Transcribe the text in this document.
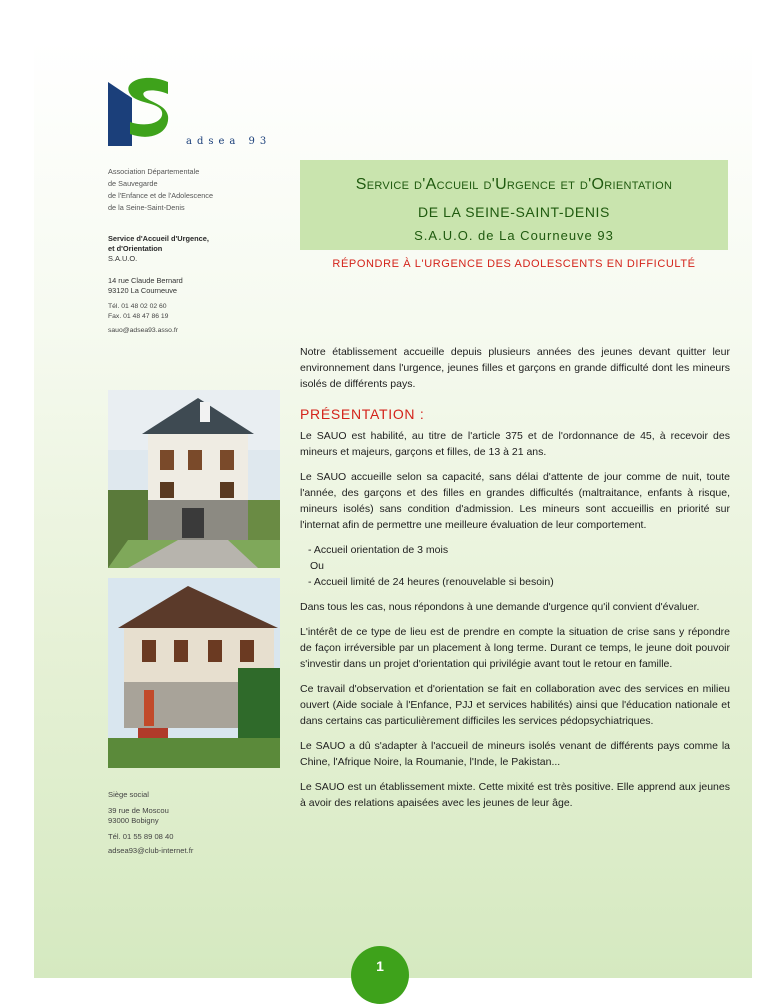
adsea 93
Association Départementale
de Sauvegarde
de l'Enfance et de l'Adolescence
de la Seine-Saint-Denis
Service d'Accueil d'Urgence,
et d'Orientation
S.A.U.O.
14 rue Claude Bernard
93120 La Courneuve
Tél. 01 48 02 02 60
Fax. 01 48 47 86 19
sauo@adsea93.asso.fr
Siège social
39 rue de Moscou
93000 Bobigny
Tél. 01 55 89 08 40
adsea93@club-internet.fr
Service d'Accueil d'Urgence et d'Orientation
DE LA SEINE-SAINT-DENIS
S.A.U.O. de La Courneuve 93
RÉPONDRE À L'URGENCE DES ADOLESCENTS EN DIFFICULTÉ

Notre établissement accueille depuis plusieurs années des jeunes devant quitter leur environnement dans l'urgence, jeunes filles et garçons en grande difficulté dont les mineurs isolés de différents pays.

PRÉSENTATION :

Le SAUO est habilité, au titre de l'article 375 et de l'ordonnance de 45, à recevoir des mineurs et majeurs, garçons et filles, de 13 à 21 ans.

Le SAUO accueille selon sa capacité, sans délai d'attente de jour comme de nuit, toute l'année, des garçons et des filles en grandes difficultés (maltraitance, enfants à risque, mineurs isolés) sans condition d'admission. Les mineurs sont accueillis en priorité sur l'internat afin de permettre une meilleure évaluation de leur comportement.

- Accueil orientation de 3 mois
Ou
- Accueil limité de 24 heures (renouvelable si besoin)

Dans tous les cas, nous répondons à une demande d'urgence qu'il convient d'évaluer.

L'intérêt de ce type de lieu est de prendre en compte la situation de crise sans y répondre de façon irréversible par un placement à long terme. Durant ce temps, le jeune doit pouvoir s'investir dans un projet d'orientation qui privilégie avant tout le retour en famille.

Ce travail d'observation et d'orientation se fait en collaboration avec des services en milieu ouvert (Aide sociale à l'Enfance, PJJ et services habilités) ainsi que l'éducation nationale et dans certains cas particulièrement difficiles les services pédopsychiatriques.

Le SAUO a dû s'adapter à l'accueil de mineurs isolés venant de différents pays comme la Chine, l'Afrique Noire, la Roumanie, l'Inde, le Pakistan...

Le SAUO est un établissement mixte. Cette mixité est très positive. Elle apprend aux jeunes à avoir des relations apaisées avec les jeunes de leur âge.

1
